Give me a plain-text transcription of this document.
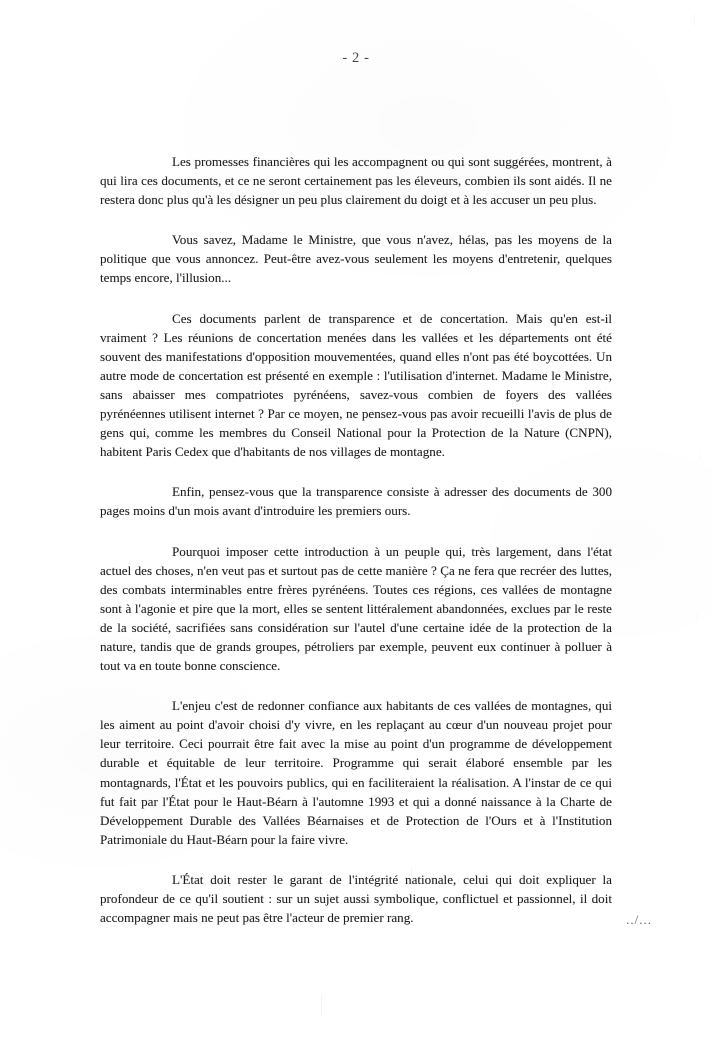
- 2 -

Les promesses financières qui les accompagnent ou qui sont suggérées, montrent, à qui lira ces documents, et ce ne seront certainement pas les éleveurs, combien ils sont aidés. Il ne restera donc plus qu'à les désigner un peu plus clairement du doigt et à les accuser un peu plus.

Vous savez, Madame le Ministre, que vous n'avez, hélas, pas les moyens de la politique que vous annoncez. Peut-être avez-vous seulement les moyens d'entretenir, quelques temps encore, l'illusion...

Ces documents parlent de transparence et de concertation. Mais qu'en est-il vraiment ? Les réunions de concertation menées dans les vallées et les départements ont été souvent des manifestations d'opposition mouvementées, quand elles n'ont pas été boycottées. Un autre mode de concertation est présenté en exemple : l'utilisation d'internet. Madame le Ministre, sans abaisser mes compatriotes pyrénéens, savez-vous combien de foyers des vallées pyrénéennes utilisent internet ? Par ce moyen, ne pensez-vous pas avoir recueilli l'avis de plus de gens qui, comme les membres du Conseil National pour la Protection de la Nature (CNPN), habitent Paris Cedex que d'habitants de nos villages de montagne.

Enfin, pensez-vous que la transparence consiste à adresser des documents de 300 pages moins d'un mois avant d'introduire les premiers ours.

Pourquoi imposer cette introduction à un peuple qui, très largement, dans l'état actuel des choses, n'en veut pas et surtout pas de cette manière ? Ça ne fera que recréer des luttes, des combats interminables entre frères pyrénéens. Toutes ces régions, ces vallées de montagne sont à l'agonie et pire que la mort, elles se sentent littéralement abandonnées, exclues par le reste de la société, sacrifiées sans considération sur l'autel d'une certaine idée de la protection de la nature, tandis que de grands groupes, pétroliers par exemple, peuvent eux continuer à polluer à tout va en toute bonne conscience.

L'enjeu c'est de redonner confiance aux habitants de ces vallées de montagnes, qui les aiment au point d'avoir choisi d'y vivre, en les replaçant au cœur d'un nouveau projet pour leur territoire. Ceci pourrait être fait avec la mise au point d'un programme de développement durable et équitable de leur territoire. Programme qui serait élaboré ensemble par les montagnards, l'État et les pouvoirs publics, qui en faciliteraient la réalisation. A l'instar de ce qui fut fait par l'État pour le Haut-Béarn à l'automne 1993 et qui a donné naissance à la Charte de Développement Durable des Vallées Béarnaises et de Protection de l'Ours et à l'Institution Patrimoniale du Haut-Béarn pour la faire vivre.

L'État doit rester le garant de l'intégrité nationale, celui qui doit expliquer la profondeur de ce qu'il soutient : sur un sujet aussi symbolique, conflictuel et passionnel, il doit accompagner mais ne peut pas être l'acteur de premier rang.	../...
